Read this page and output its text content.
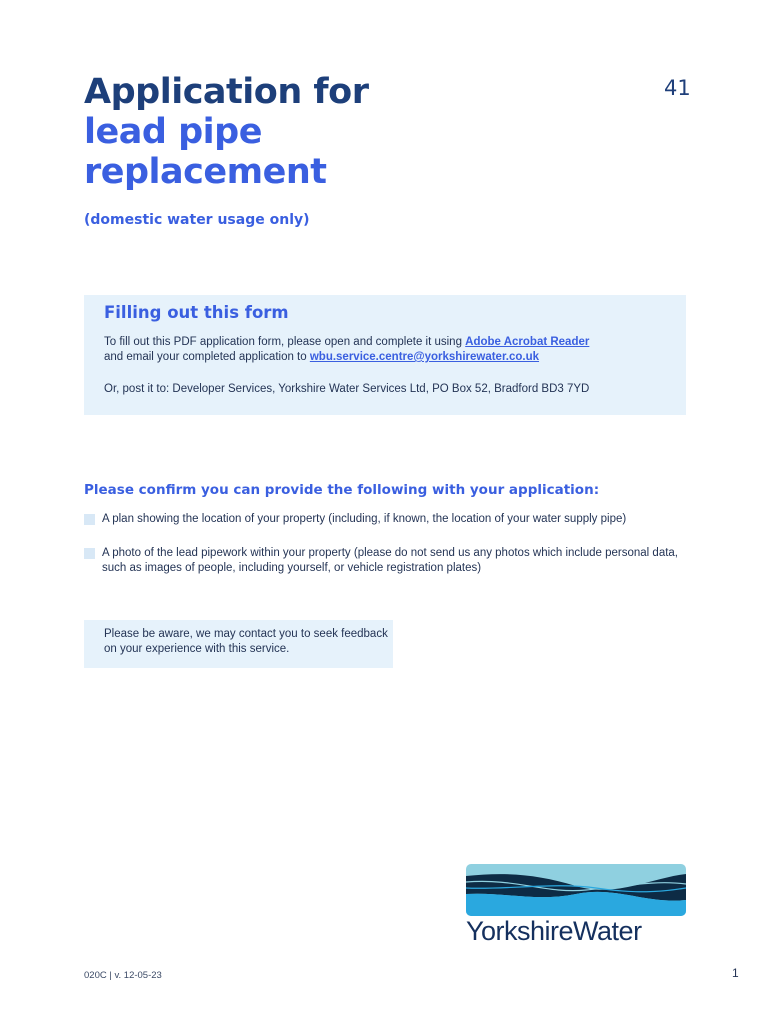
Application for
lead pipe
replacement
41
(domestic water usage only)
Filling out this form
To fill out this PDF application form, please open and complete it using Adobe Acrobat Reader
and email your completed application to wbu.service.centre@yorkshirewater.co.uk
Or, post it to: Developer Services, Yorkshire Water Services Ltd, PO Box 52, Bradford BD3 7YD
Please confirm you can provide the following with your application:
A plan showing the location of your property (including, if known, the location of your water supply pipe)
A photo of the lead pipework within your property (please do not send us any photos which include personal data, such as images of people, including yourself, or vehicle registration plates)
Please be aware, we may contact you to seek feedback on your experience with this service.
YorkshireWater
020C | v. 12-05-23	1
